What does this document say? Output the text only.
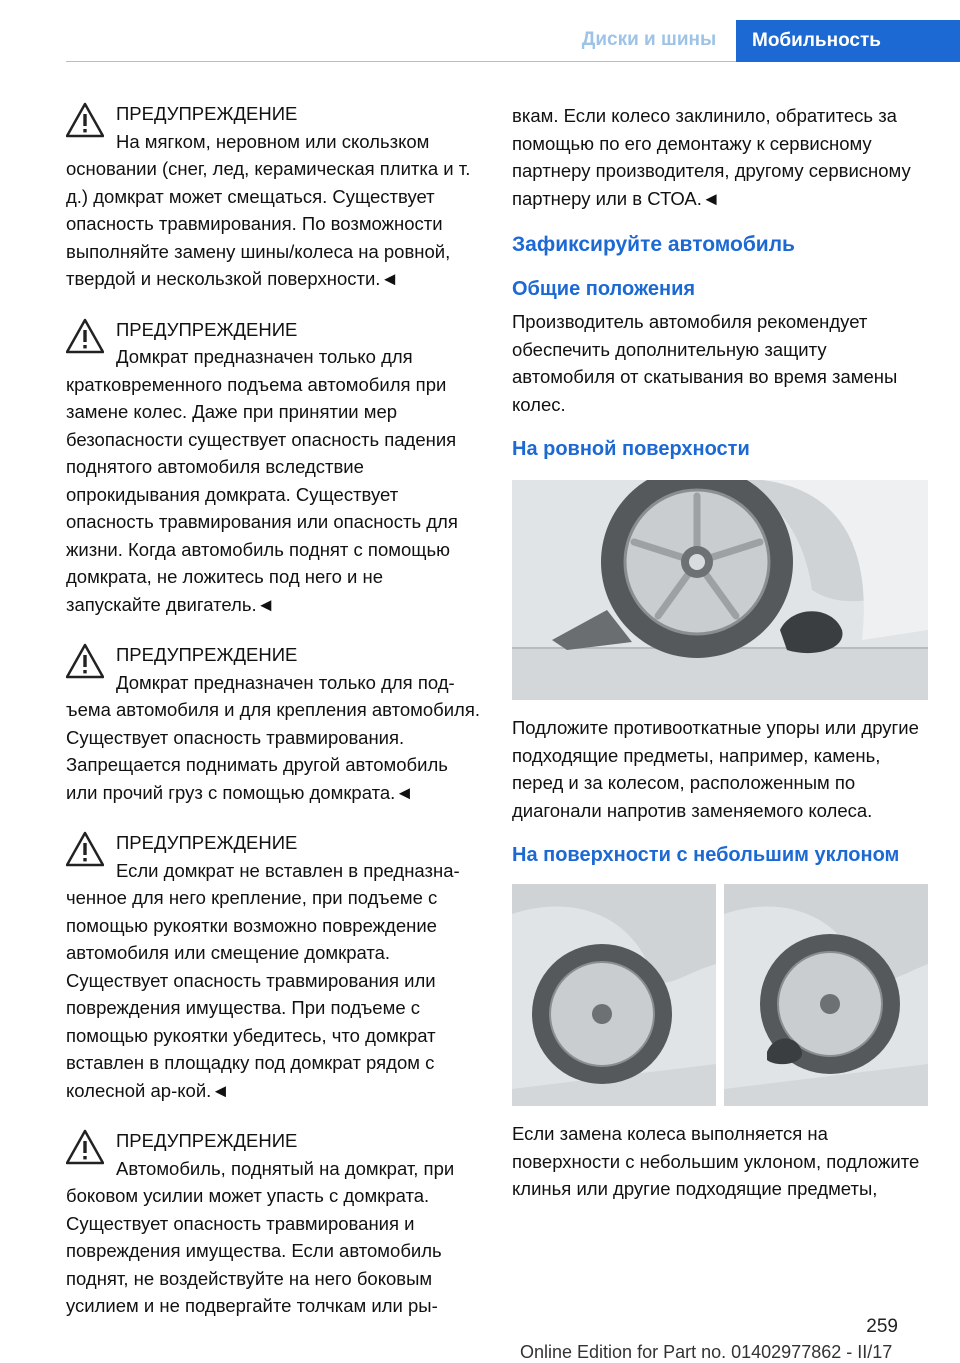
Диски и шины	Мобильность
ПРЕДУПРЕЖДЕНИЕ
На мягком, неровном или скользком
основании (снег, лед, керамическая плитка и т. д.) домкрат может смещаться. Существует опасность травмирования. По возможности выполняйте замену шины/колеса на ровной, твердой и нескользкой поверхности.◄
ПРЕДУПРЕЖДЕНИЕ
Домкрат предназначен только для
кратковременного подъема автомобиля при замене колес. Даже при принятии мер безопасности существует опасность падения поднятого автомобиля вследствие опрокидывания домкрата. Существует опасность травмирования или опасность для жизни. Когда автомобиль поднят с помощью домкрата, не ложитесь под него и не запускайте двигатель.◄
ПРЕДУПРЕЖДЕНИЕ
Домкрат предназначен только для под-
ъема автомобиля и для крепления автомобиля. Существует опасность травмирования. Запрещается поднимать другой автомобиль или прочий груз с помощью домкрата.◄
ПРЕДУПРЕЖДЕНИЕ
Если домкрат не вставлен в предназна-
ченное для него крепление, при подъеме с помощью рукоятки возможно повреждение автомобиля или смещение домкрата. Существует опасность травмирования или повреждения имущества. При подъеме с помощью рукоятки убедитесь, что домкрат вставлен в площадку под домкрат рядом с колесной ар-кой.◄
ПРЕДУПРЕЖДЕНИЕ
Автомобиль, поднятый на домкрат, при
боковом усилии может упасть с домкрата. Существует опасность травмирования и повреждения имущества. Если автомобиль поднят, не воздействуйте на него боковым усилием и не подвергайте толчкам или ры-

вкам. Если колесо заклинило, обратитесь за помощью по его демонтажу к сервисному партнеру производителя, другому сервисному партнеру или в СТОА.◄

Зафиксируйте автомобиль
Общие положения

Производитель автомобиля рекомендует обеспечить дополнительную защиту автомобиля от скатывания во время замены колес.

На ровной поверхности

Подложите противооткатные упоры или другие подходящие предметы, например, камень, перед и за колесом, расположенным по диагонали напротив заменяемого колеса.

На поверхности с небольшим уклоном

Если замена колеса выполняется на поверхности с небольшим уклоном, подложите клинья или другие подходящие предметы,

259
Online Edition for Part no. 01402977862 - II/17
